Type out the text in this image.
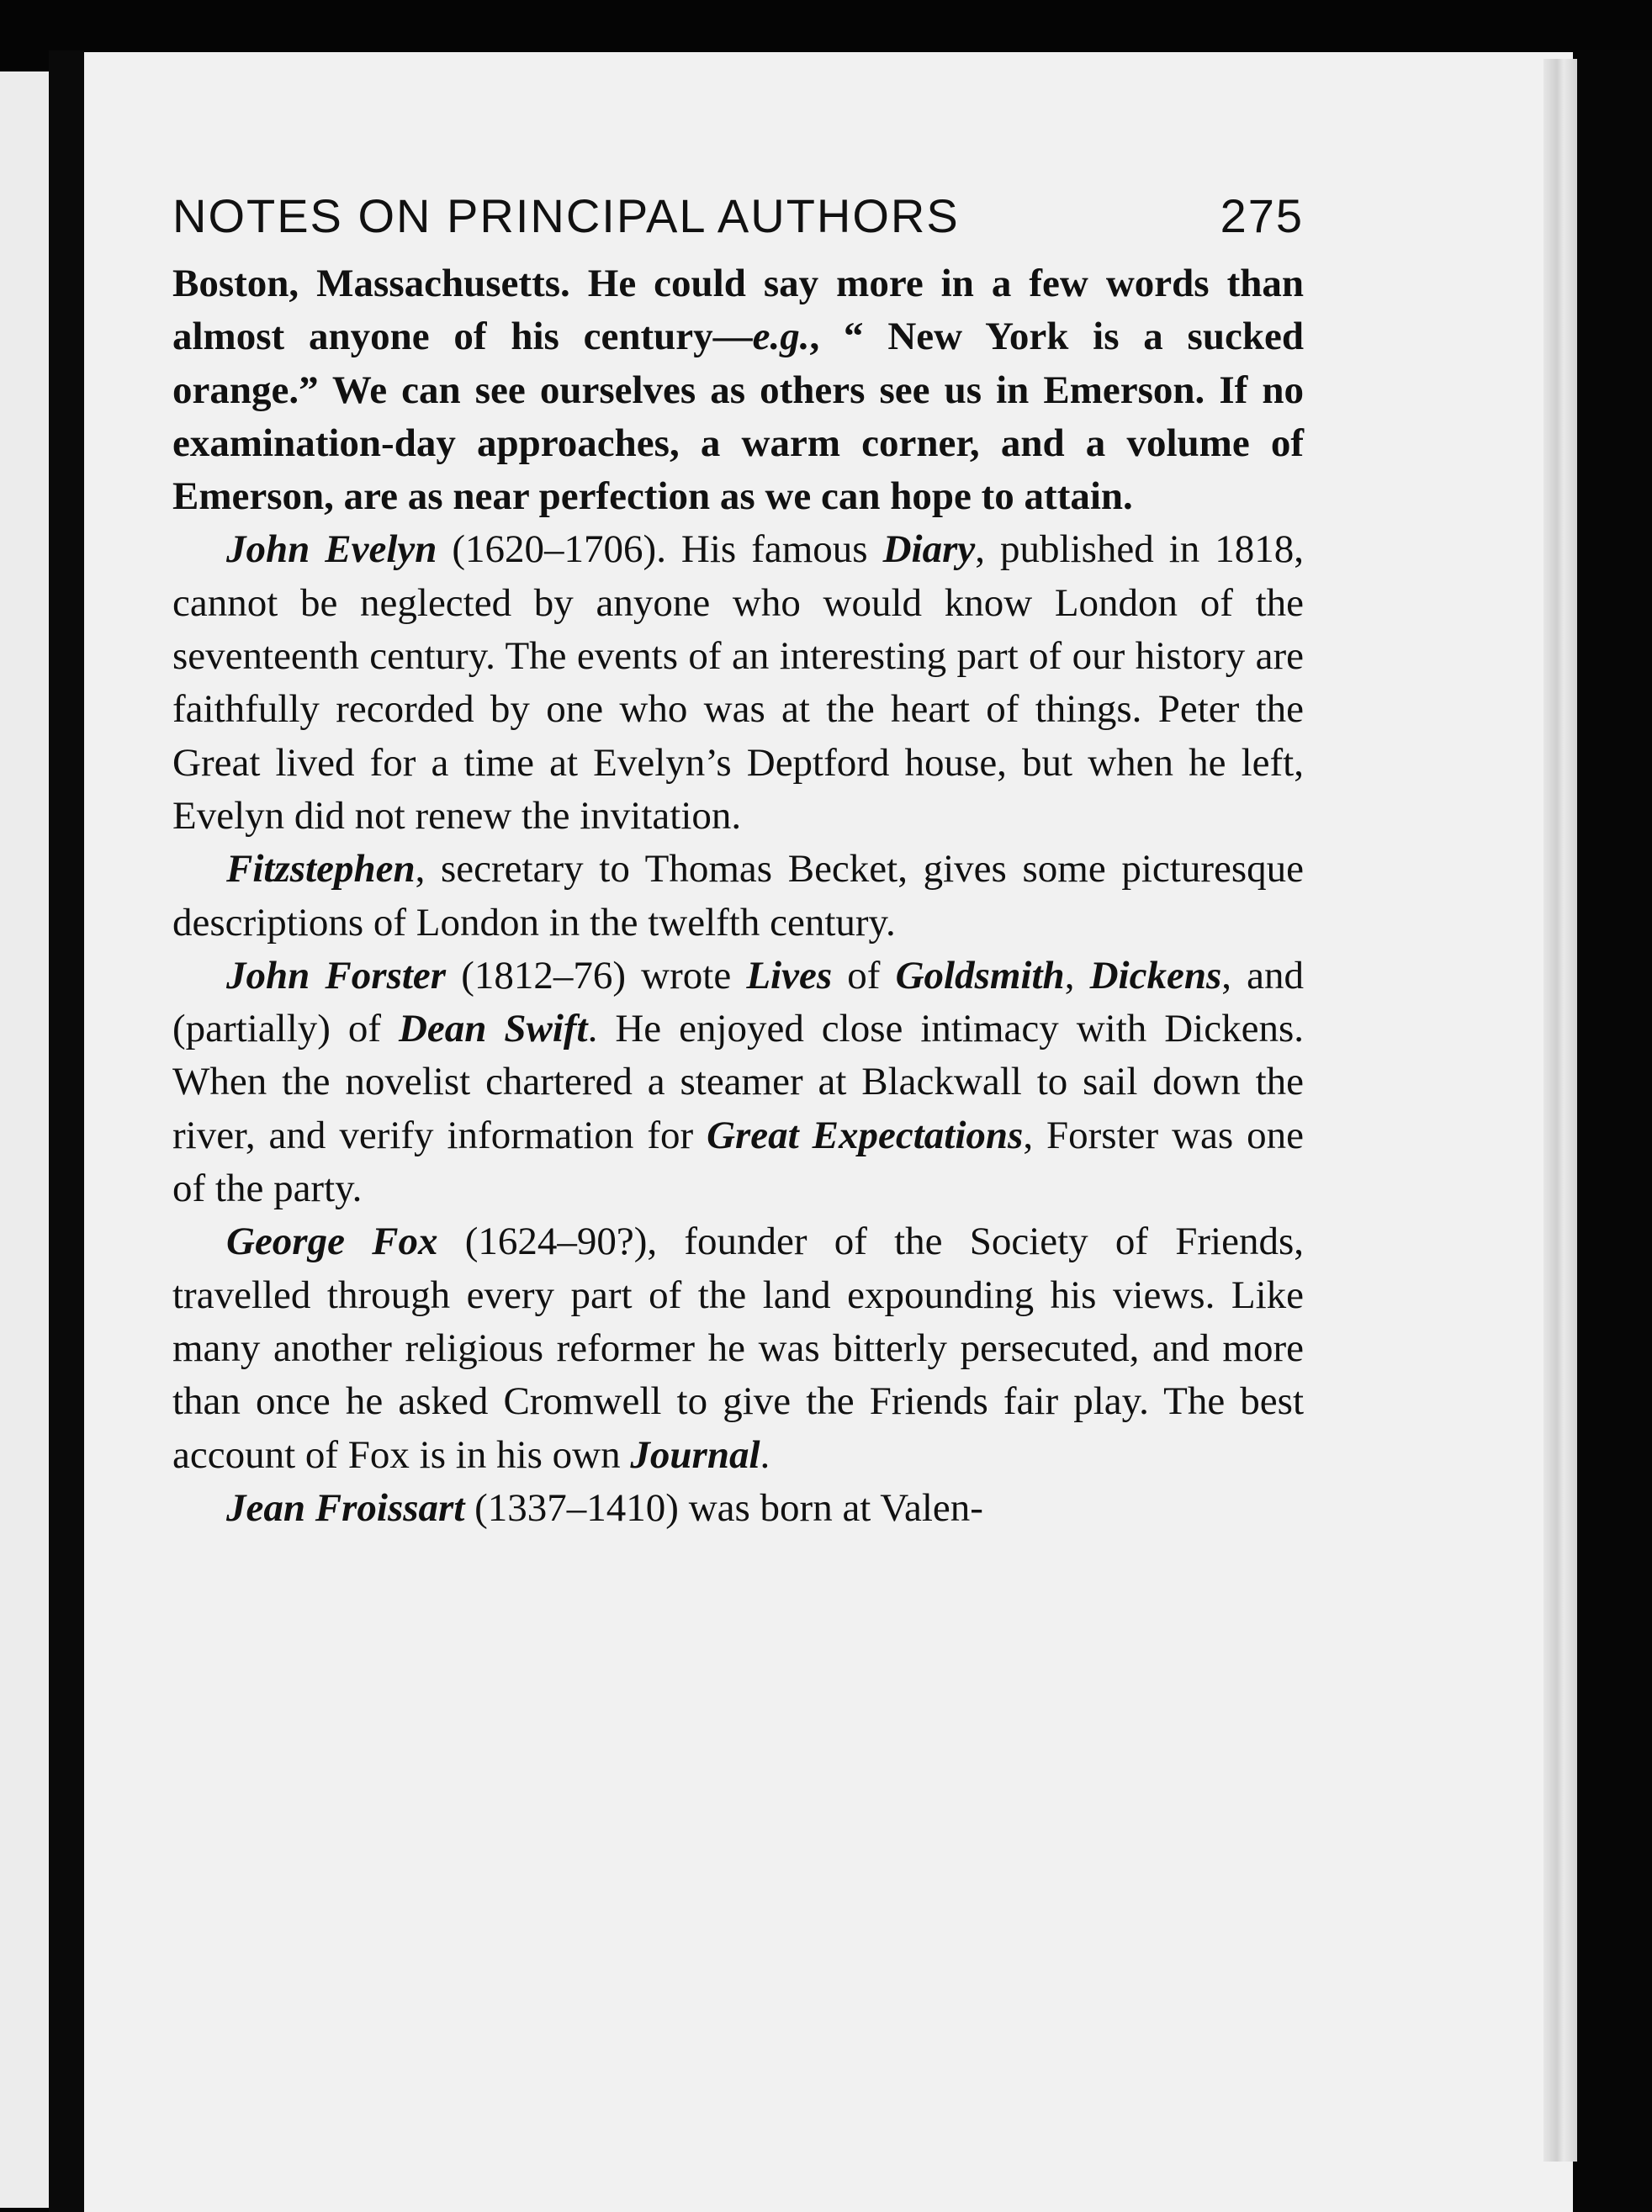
NOTES ON PRINCIPAL AUTHORS	275

Boston, Massachusetts. He could say more in a few words than almost anyone of his century—e.g., “ New York is a sucked orange.” We can see ourselves as others see us in Emerson. If no examination-day approaches, a warm corner, and a volume of Emerson, are as near perfection as we can hope to attain.

John Evelyn (1620–1706). His famous Diary, published in 1818, cannot be neglected by anyone who would know London of the seventeenth century. The events of an interesting part of our history are faithfully recorded by one who was at the heart of things. Peter the Great lived for a time at Evelyn’s Deptford house, but when he left, Evelyn did not renew the invitation.

Fitzstephen, secretary to Thomas Becket, gives some picturesque descriptions of London in the twelfth century.

John Forster (1812–76) wrote Lives of Goldsmith, Dickens, and (partially) of Dean Swift. He enjoyed close intimacy with Dickens. When the novelist chartered a steamer at Blackwall to sail down the river, and verify information for Great Expectations, Forster was one of the party.

George Fox (1624–90?), founder of the Society of Friends, travelled through every part of the land expounding his views. Like many another religious reformer he was bitterly persecuted, and more than once he asked Cromwell to give the Friends fair play. The best account of Fox is in his own Journal.

Jean Froissart (1337–1410) was born at Valen-
